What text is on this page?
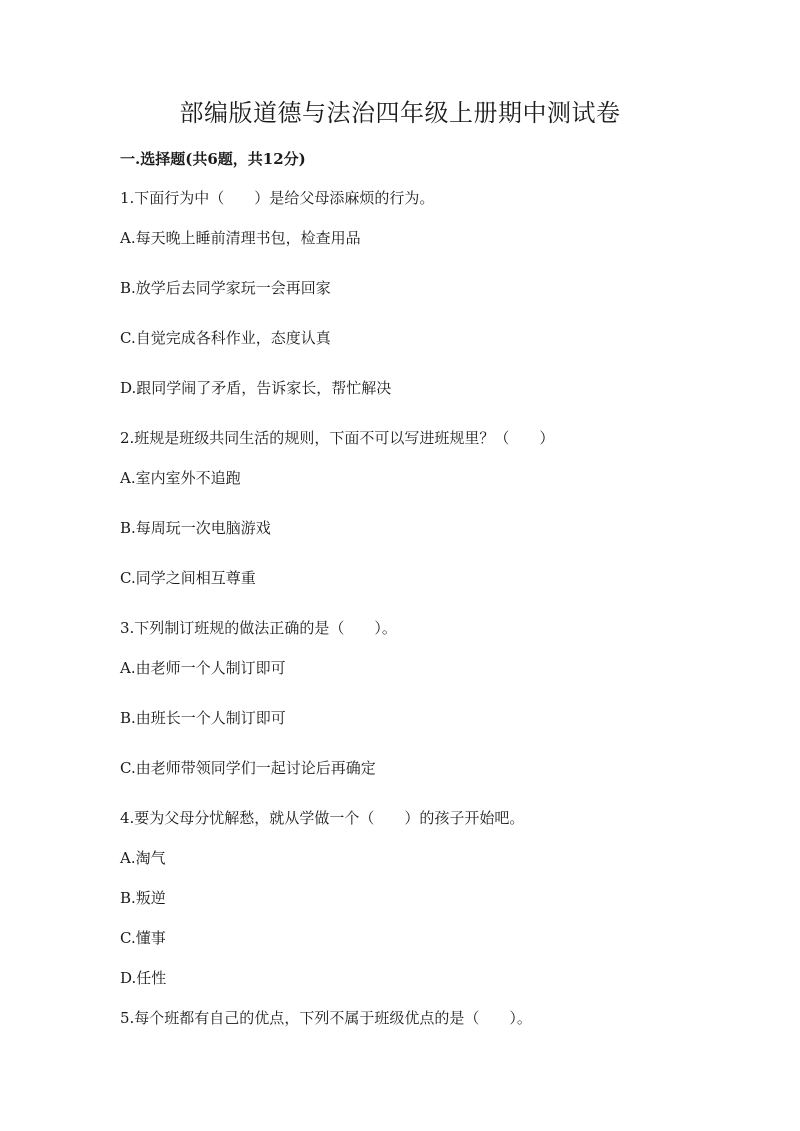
部编版道德与法治四年级上册期中测试卷
一.选择题(共6题，共12分)
1.下面行为中（　　）是给父母添麻烦的行为。
A.每天晚上睡前清理书包，检查用品
B.放学后去同学家玩一会再回家
C.自觉完成各科作业，态度认真
D.跟同学闹了矛盾，告诉家长，帮忙解决
2.班规是班级共同生活的规则，下面不可以写进班规里？（　　）
A.室内室外不追跑
B.每周玩一次电脑游戏
C.同学之间相互尊重
3.下列制订班规的做法正确的是（　　）。
A.由老师一个人制订即可
B.由班长一个人制订即可
C.由老师带领同学们一起讨论后再确定
4.要为父母分忧解愁，就从学做一个（　　）的孩子开始吧。
A.淘气
B.叛逆
C.懂事
D.任性
5.每个班都有自己的优点，下列不属于班级优点的是（　　）。
